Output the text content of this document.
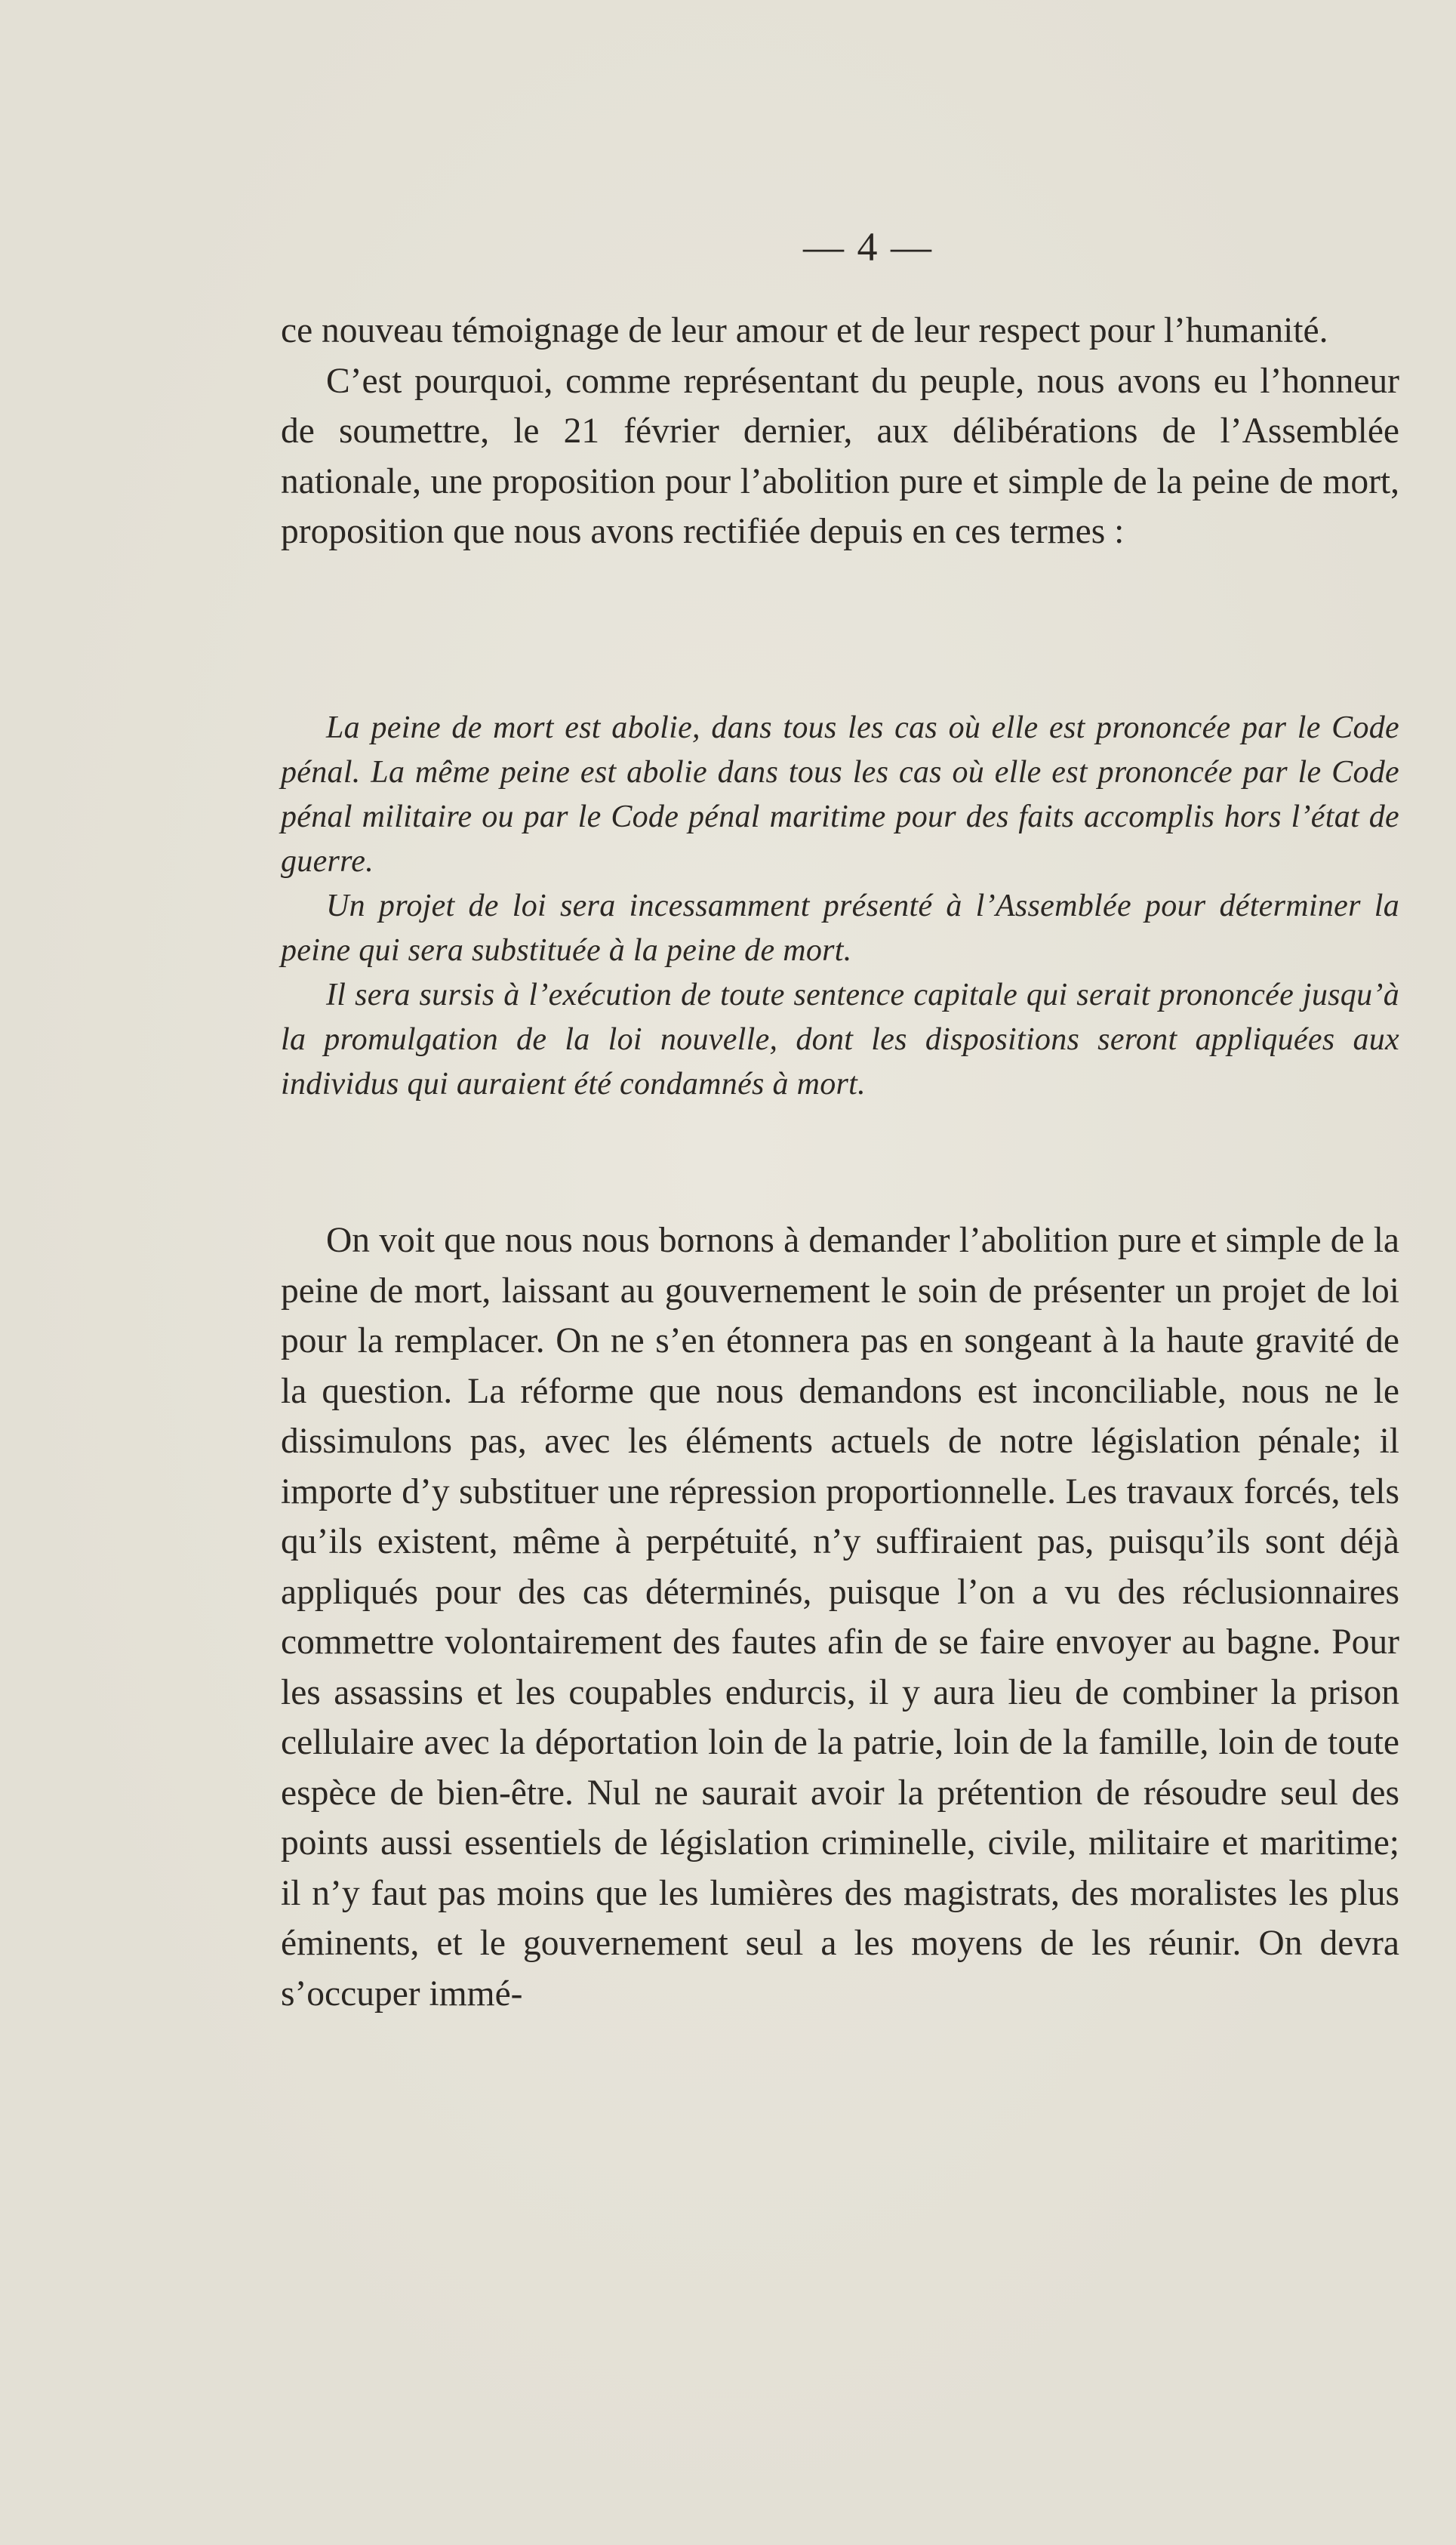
— 4 —

ce nouveau témoignage de leur amour et de leur respect pour l’humanité.

C’est pourquoi, comme représentant du peuple, nous avons eu l’honneur de soumettre, le 21 février dernier, aux délibérations de l’Assemblée nationale, une proposition pour l’abolition pure et simple de la peine de mort, proposition que nous avons rectifiée depuis en ces termes :

La peine de mort est abolie, dans tous les cas où elle est prononcée par le Code pénal. La même peine est abolie dans tous les cas où elle est prononcée par le Code pénal militaire ou par le Code pénal maritime pour des faits accomplis hors l’état de guerre.

Un projet de loi sera incessamment présenté à l’Assemblée pour déterminer la peine qui sera substituée à la peine de mort.

Il sera sursis à l’exécution de toute sentence capitale qui serait prononcée jusqu’à la promulgation de la loi nouvelle, dont les dispositions seront appliquées aux individus qui auraient été condamnés à mort.

On voit que nous nous bornons à demander l’abolition pure et simple de la peine de mort, laissant au gouvernement le soin de présenter un projet de loi pour la remplacer. On ne s’en étonnera pas en songeant à la haute gravité de la question. La réforme que nous demandons est inconciliable, nous ne le dissimulons pas, avec les éléments actuels de notre législation pénale; il importe d’y substituer une répression proportionnelle. Les travaux forcés, tels qu’ils existent, même à perpétuité, n’y suffiraient pas, puisqu’ils sont déjà appliqués pour des cas déterminés, puisque l’on a vu des réclusionnaires commettre volontairement des fautes afin de se faire envoyer au bagne. Pour les assassins et les coupables endurcis, il y aura lieu de combiner la prison cellulaire avec la déportation loin de la patrie, loin de la famille, loin de toute espèce de bien-être. Nul ne saurait avoir la prétention de résoudre seul des points aussi essentiels de législation criminelle, civile, militaire et maritime; il n’y faut pas moins que les lumières des magistrats, des moralistes les plus éminents, et le gouvernement seul a les moyens de les réunir. On devra s’occuper immé-
